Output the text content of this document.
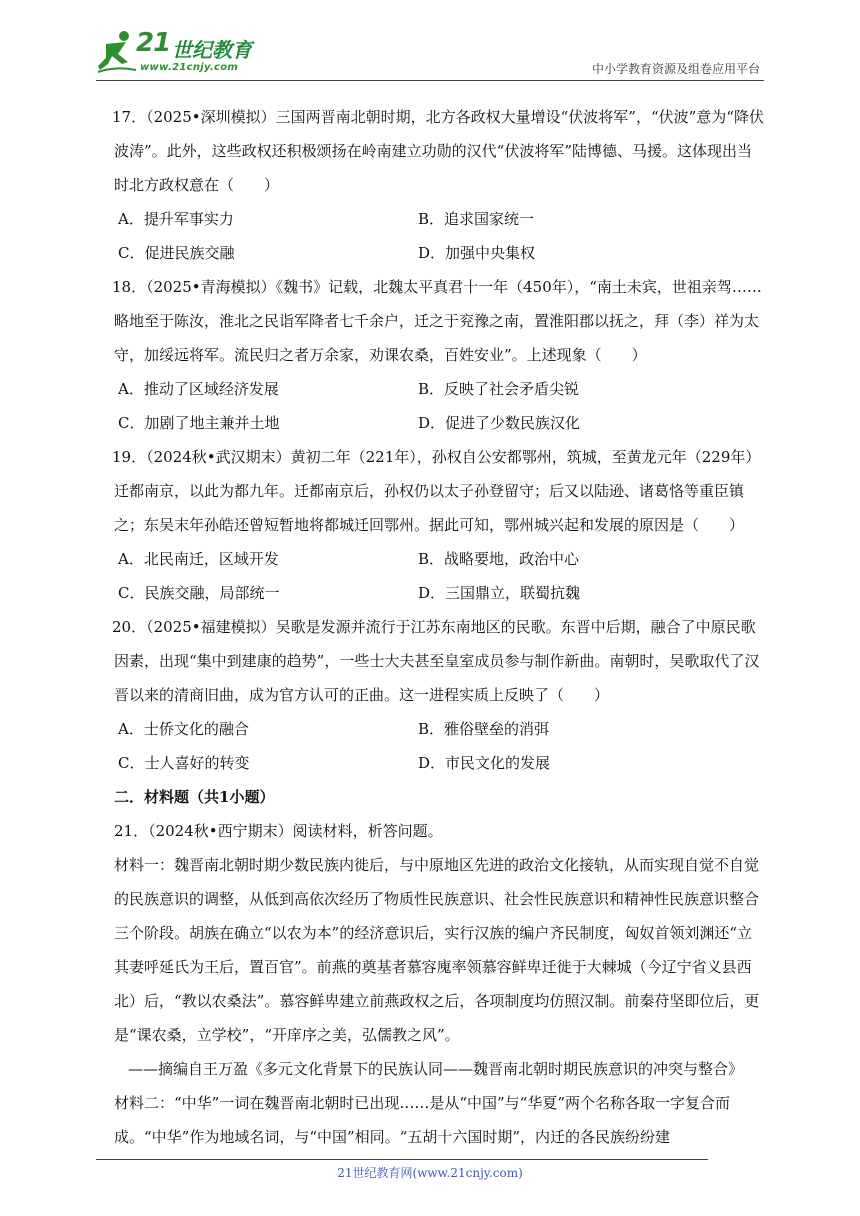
21 世纪教育
www.21cnjy.com	中小学教育资源及组卷应用平台
17．（2025•深圳模拟）三国两晋南北朝时期，北方各政权大量增设“伏波将军”，“伏波”意为“降伏波涛”。此外，这些政权还积极颂扬在岭南建立功勋的汉代“伏波将军”陆博德、马援。这体现出当时北方政权意在（　　）
A．提升军事实力	B．追求国家统一
C．促进民族交融	D．加强中央集权
18．（2025•青海模拟）《魏书》记载，北魏太平真君十一年（450年），“南土未宾，世祖亲驾……略地至于陈汝，淮北之民诣军降者七千余户，迁之于兖豫之南，置淮阳郡以抚之，拜（李）祥为太守，加绥远将军。流民归之者万余家，劝课农桑，百姓安业”。上述现象（　　）
A．推动了区域经济发展	B．反映了社会矛盾尖锐
C．加剧了地主兼并土地	D．促进了少数民族汉化
19．（2024秋•武汉期末）黄初二年（221年），孙权自公安都鄂州，筑城，至黄龙元年（229年）迁都南京，以此为都九年。迁都南京后，孙权仍以太子孙登留守；后又以陆逊、诸葛恪等重臣镇之；东吴末年孙皓还曾短暂地将都城迁回鄂州。据此可知，鄂州城兴起和发展的原因是（　　）
A．北民南迁，区域开发	B．战略要地，政治中心
C．民族交融，局部统一	D．三国鼎立，联蜀抗魏
20．（2025•福建模拟）吴歌是发源并流行于江苏东南地区的民歌。东晋中后期，融合了中原民歌因素，出现“集中到建康的趋势”，一些士大夫甚至皇室成员参与制作新曲。南朝时，吴歌取代了汉晋以来的清商旧曲，成为官方认可的正曲。这一进程实质上反映了（　　）
A．士侨文化的融合	B．雅俗壁垒的消弭
C．士人喜好的转变	D．市民文化的发展
二．材料题（共1小题）
21．（2024秋•西宁期末）阅读材料，析答问题。
材料一：魏晋南北朝时期少数民族内徙后，与中原地区先进的政治文化接轨，从而实现自觉不自觉的民族意识的调整，从低到高依次经历了物质性民族意识、社会性民族意识和精神性民族意识整合三个阶段。胡族在确立“以农为本”的经济意识后，实行汉族的编户齐民制度，匈奴首领刘渊还“立其妻呼延氏为王后，置百官”。前燕的奠基者慕容廆率领慕容鲜卑迁徙于大棘城（今辽宁省义县西北）后，“教以农桑法”。慕容鲜卑建立前燕政权之后，各项制度均仿照汉制。前秦苻坚即位后，更是“课农桑，立学校”，“开庠序之美，弘儒教之风”。
——摘编自王万盈《多元文化背景下的民族认同——魏晋南北朝时期民族意识的冲突与整合》
材料二：“中华”一词在魏晋南北朝时已出现……是从“中国”与“华夏”两个名称各取一字复合而成。“中华”作为地域名词，与“中国”相同。“五胡十六国时期”，内迁的各民族纷纷建
21世纪教育网(www.21cnjy.com)
